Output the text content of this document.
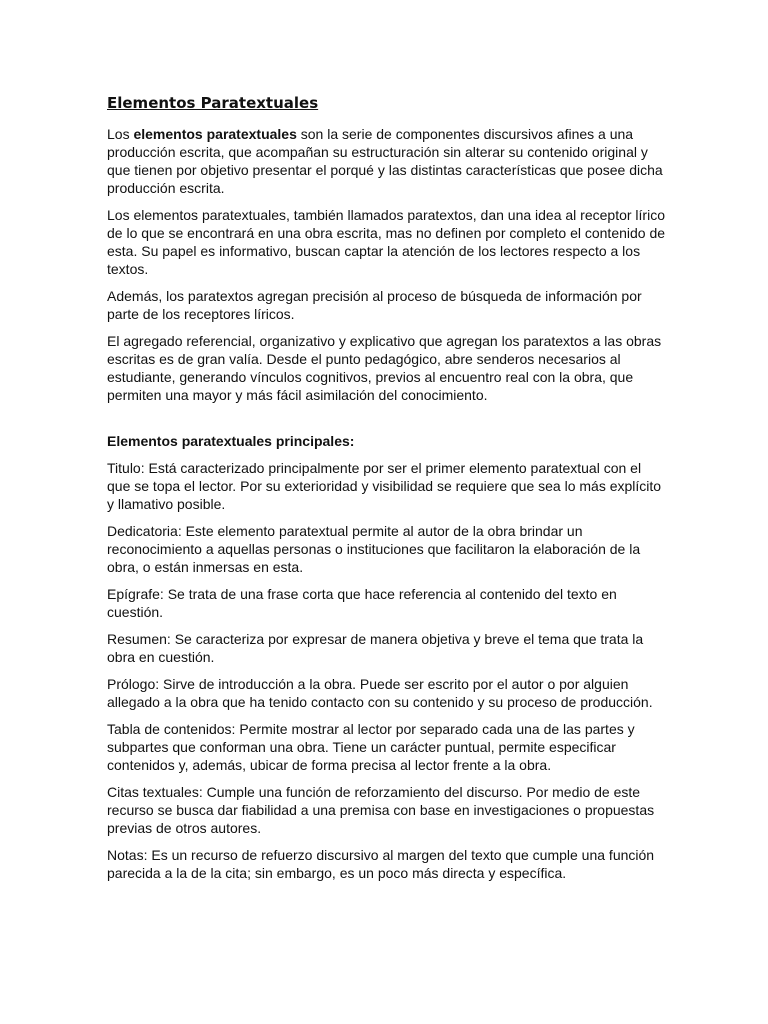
Elementos Paratextuales

Los elementos paratextuales son la serie de componentes discursivos afines a una producción escrita, que acompañan su estructuración sin alterar su contenido original y que tienen por objetivo presentar el porqué y las distintas características que posee dicha producción escrita.

Los elementos paratextuales, también llamados paratextos, dan una idea al receptor lírico de lo que se encontrará en una obra escrita, mas no definen por completo el contenido de esta. Su papel es informativo, buscan captar la atención de los lectores respecto a los textos.

Además, los paratextos agregan precisión al proceso de búsqueda de información por parte de los receptores líricos.

El agregado referencial, organizativo y explicativo que agregan los paratextos a las obras escritas es de gran valía. Desde el punto pedagógico, abre senderos necesarios al estudiante, generando vínculos cognitivos, previos al encuentro real con la obra, que permiten una mayor y más fácil asimilación del conocimiento.

Elementos paratextuales principales:

Titulo: Está caracterizado principalmente por ser el primer elemento paratextual con el que se topa el lector. Por su exterioridad y visibilidad se requiere que sea lo más explícito y llamativo posible.

Dedicatoria: Este elemento paratextual permite al autor de la obra brindar un reconocimiento a aquellas personas o instituciones que facilitaron la elaboración de la obra, o están inmersas en esta.

Epígrafe: Se trata de una frase corta que hace referencia al contenido del texto en cuestión.

Resumen: Se caracteriza por expresar de manera objetiva y breve el tema que trata la obra en cuestión.

Prólogo: Sirve de introducción a la obra. Puede ser escrito por el autor o por alguien allegado a la obra que ha tenido contacto con su contenido y su proceso de producción.

Tabla de contenidos: Permite mostrar al lector por separado cada una de las partes y subpartes que conforman una obra. Tiene un carácter puntual, permite especificar contenidos y, además, ubicar de forma precisa al lector frente a la obra.

Citas textuales: Cumple una función de reforzamiento del discurso. Por medio de este recurso se busca dar fiabilidad a una premisa con base en investigaciones o propuestas previas de otros autores.

Notas: Es un recurso de refuerzo discursivo al margen del texto que cumple una función parecida a la de la cita; sin embargo, es un poco más directa y específica.
